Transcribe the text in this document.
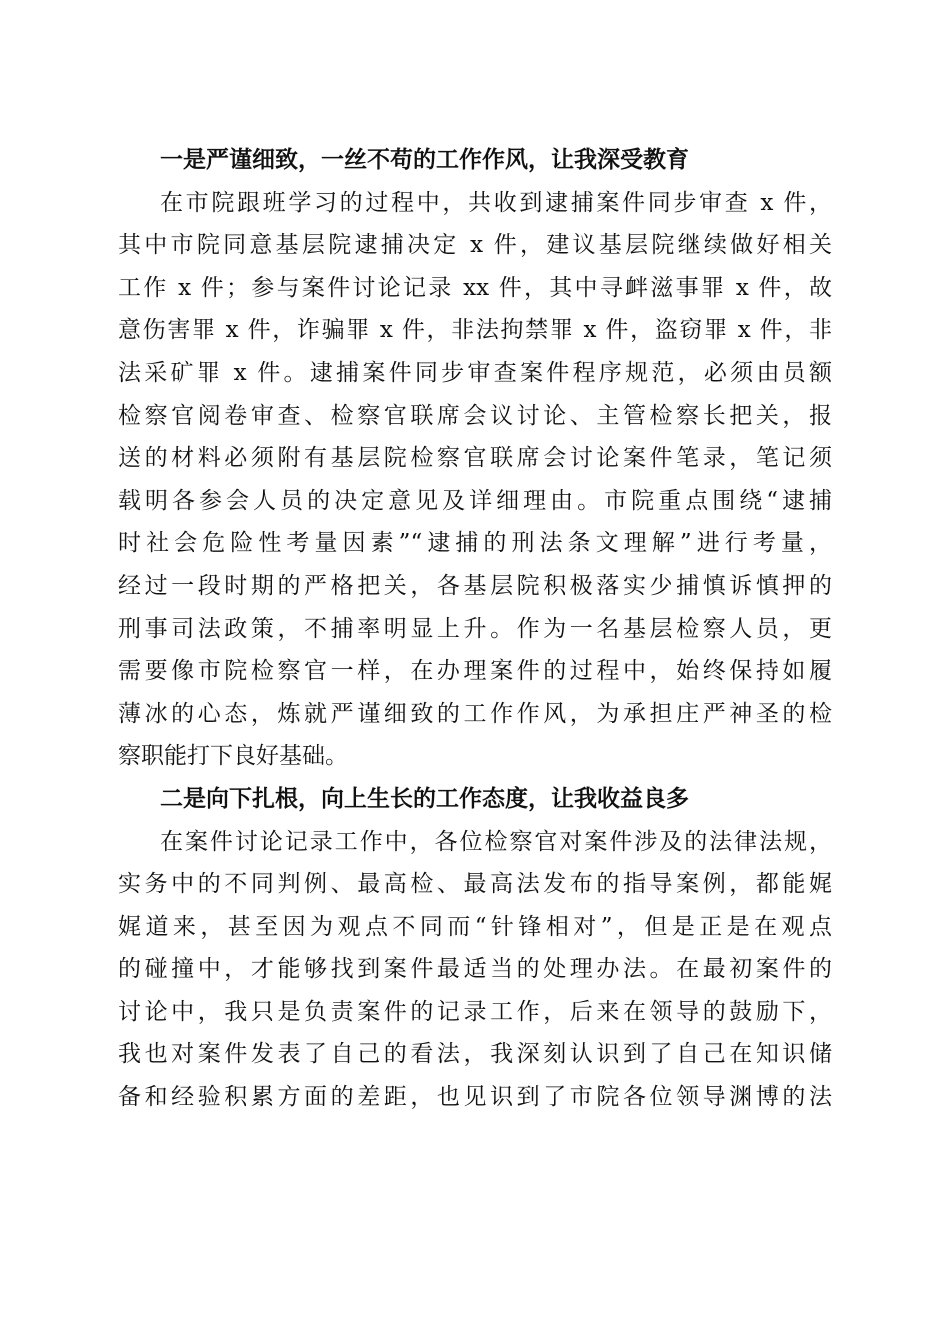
一是严谨细致，一丝不苟的工作作风，让我深受教育
在市院跟班学习的过程中，共收到逮捕案件同步审查 x 件，
其中市院同意基层院逮捕决定 x 件，建议基层院继续做好相关
工作 x 件；参与案件讨论记录 xx 件，其中寻衅滋事罪 x 件，故
意伤害罪 x 件，诈骗罪 x 件，非法拘禁罪 x 件，盗窃罪 x 件，非
法采矿罪 x 件。逮捕案件同步审查案件程序规范，必须由员额
检察官阅卷审查、检察官联席会议讨论、主管检察长把关，报
送的材料必须附有基层院检察官联席会讨论案件笔录，笔记须
载明各参会人员的决定意见及详细理由。市院重点围绕“逮捕
时社会危险性考量因素”“逮捕的刑法条文理解”进行考量，
经过一段时期的严格把关，各基层院积极落实少捕慎诉慎押的
刑事司法政策，不捕率明显上升。作为一名基层检察人员，更
需要像市院检察官一样，在办理案件的过程中，始终保持如履
薄冰的心态，炼就严谨细致的工作作风，为承担庄严神圣的检
察职能打下良好基础。
二是向下扎根，向上生长的工作态度，让我收益良多
在案件讨论记录工作中，各位检察官对案件涉及的法律法规，
实务中的不同判例、最高检、最高法发布的指导案例，都能娓
娓道来，甚至因为观点不同而“针锋相对”，但是正是在观点
的碰撞中，才能够找到案件最适当的处理办法。在最初案件的
讨论中，我只是负责案件的记录工作，后来在领导的鼓励下，
我也对案件发表了自己的看法，我深刻认识到了自己在知识储
备和经验积累方面的差距，也见识到了市院各位领导渊博的法
